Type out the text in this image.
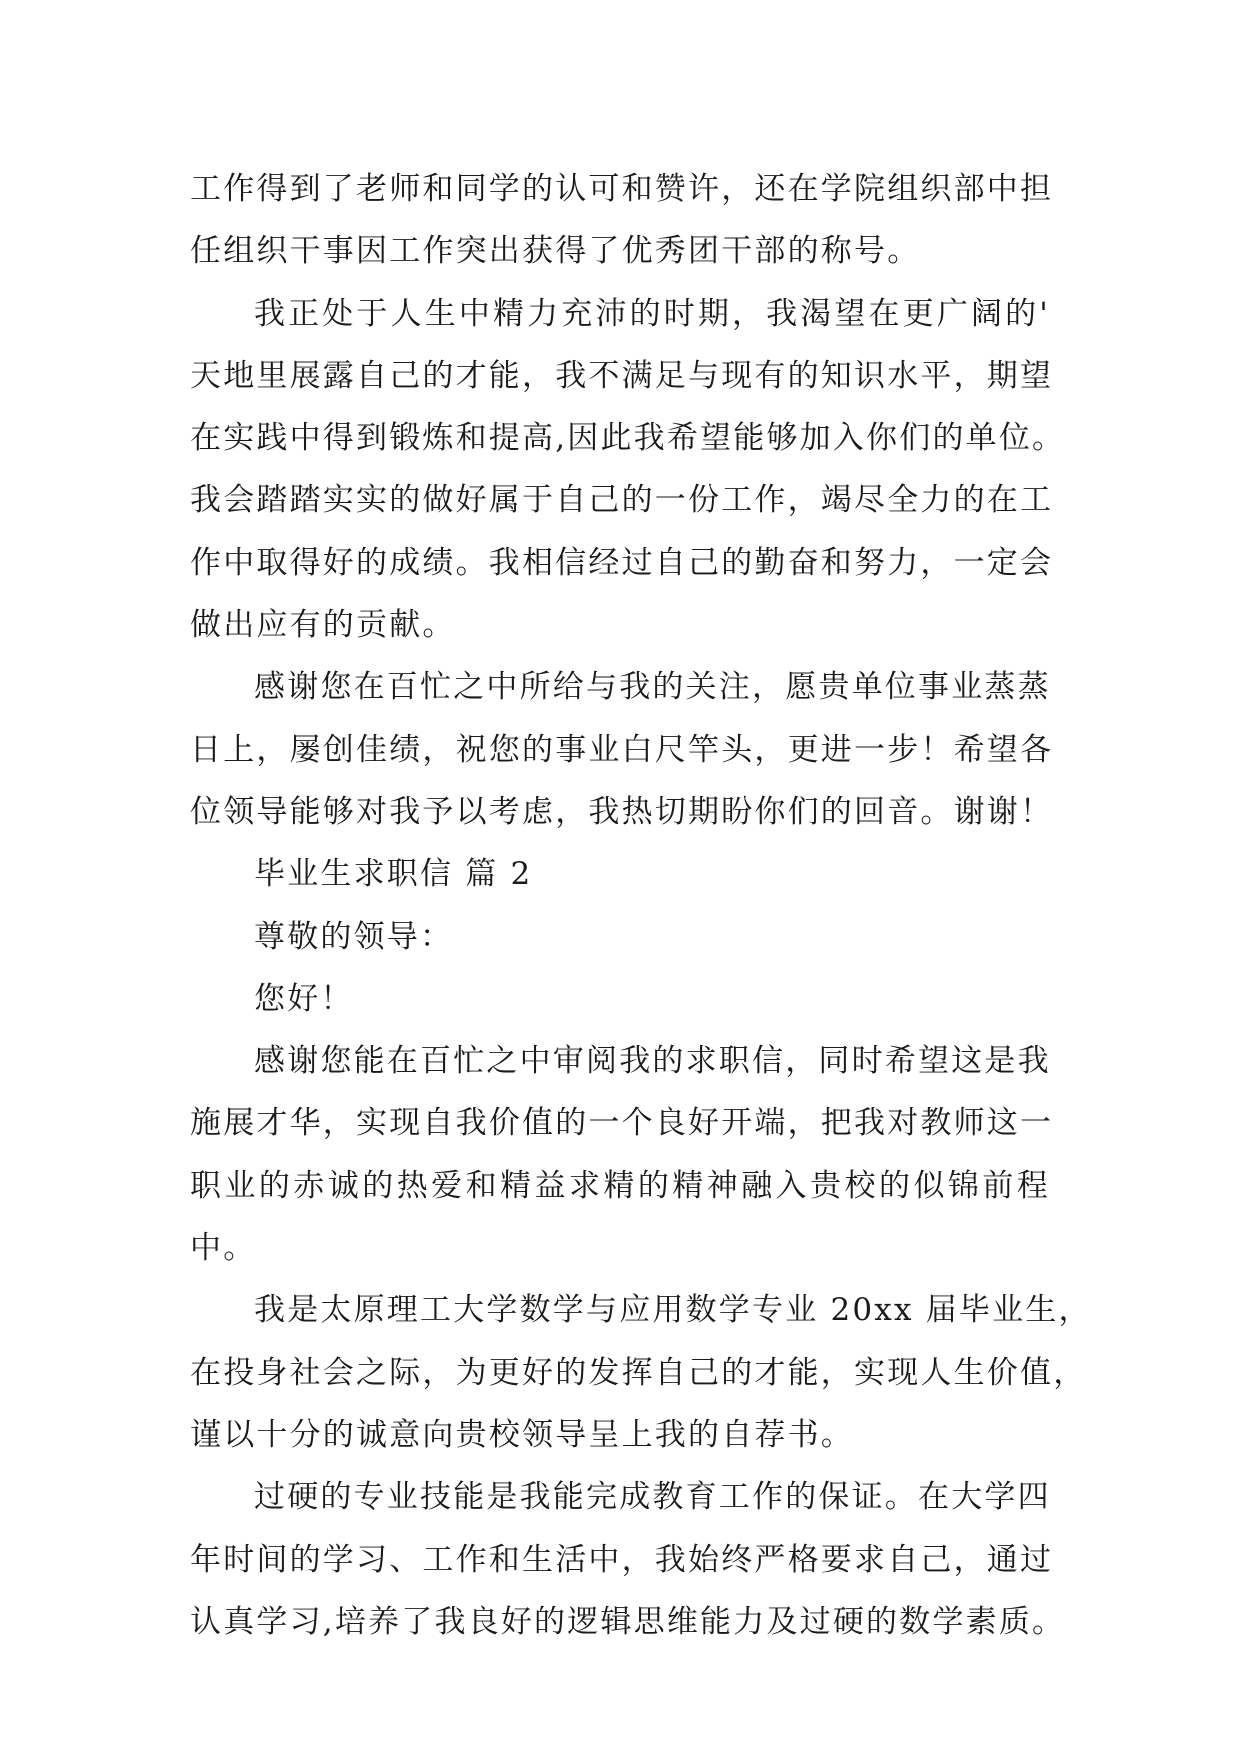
工作得到了老师和同学的认可和赞许，还在学院组织部中担
任组织干事因工作突出获得了优秀团干部的称号。
我正处于人生中精力充沛的时期，我渴望在更广阔的'
天地里展露自己的才能，我不满足与现有的知识水平，期望
在实践中得到锻炼和提高,因此我希望能够加入你们的单位。
我会踏踏实实的做好属于自己的一份工作，竭尽全力的在工
作中取得好的成绩。我相信经过自己的勤奋和努力，一定会
做出应有的贡献。
感谢您在百忙之中所给与我的关注，愿贵单位事业蒸蒸
日上，屡创佳绩，祝您的事业白尺竿头，更进一步！希望各
位领导能够对我予以考虑，我热切期盼你们的回音。谢谢！
毕业生求职信 篇 2
尊敬的领导：
您好！
感谢您能在百忙之中审阅我的求职信，同时希望这是我
施展才华，实现自我价值的一个良好开端，把我对教师这一
职业的赤诚的热爱和精益求精的精神融入贵校的似锦前程
中。
我是太原理工大学数学与应用数学专业 20xx 届毕业生，
在投身社会之际，为更好的发挥自己的才能，实现人生价值，
谨以十分的诚意向贵校领导呈上我的自荐书。
过硬的专业技能是我能完成教育工作的保证。在大学四
年时间的学习、工作和生活中，我始终严格要求自己，通过
认真学习,培养了我良好的逻辑思维能力及过硬的数学素质。
